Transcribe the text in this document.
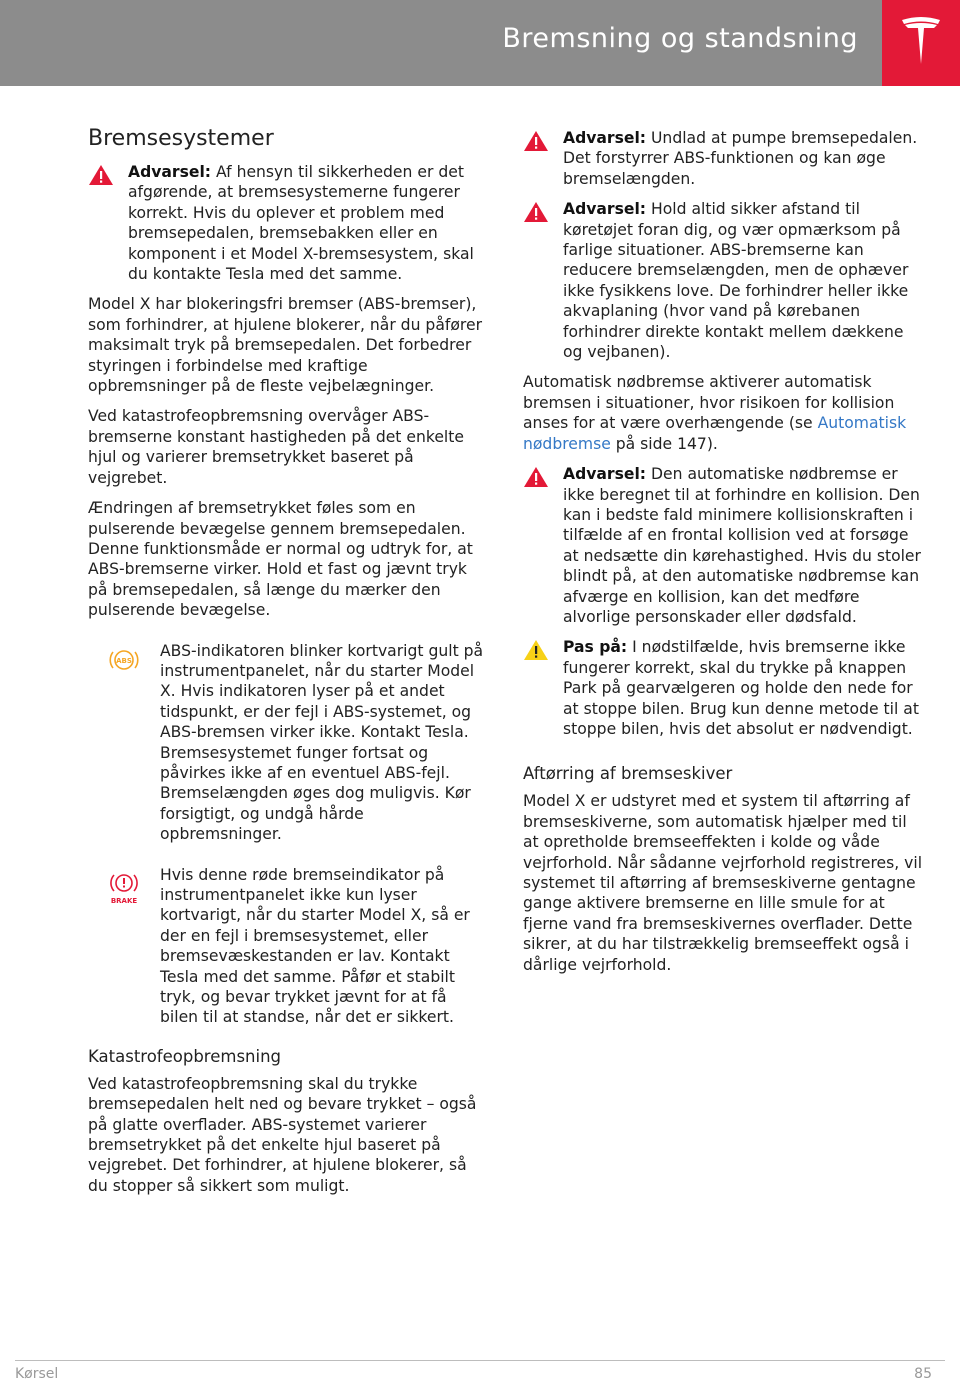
Bremsning og standsning
Bremsesystemer
Advarsel: Af hensyn til sikkerheden er det afgørende, at bremsesystemerne fungerer korrekt. Hvis du oplever et problem med bremsepedalen, bremsebakken eller en komponent i et Model X-bremsesystem, skal du kontakte Tesla med det samme.

Model X har blokeringsfri bremser (ABS-bremser), som forhindrer, at hjulene blokerer, når du påfører maksimalt tryk på bremsepedalen. Det forbedrer styringen i forbindelse med kraftige opbremsninger på de fleste vejbelægninger.

Ved katastrofeopbremsning overvåger ABS-bremserne konstant hastigheden på det enkelte hjul og varierer bremsetrykket baseret på vejgrebet.

Ændringen af bremsetrykket føles som en pulserende bevægelse gennem bremsepedalen. Denne funktionsmåde er normal og udtryk for, at ABS-bremserne virker. Hold et fast og jævnt tryk på bremsepedalen, så længe du mærker den pulserende bevægelse.

ABS
ABS-indikatoren blinker kortvarigt gult på instrumentpanelet, når du starter Model X. Hvis indikatoren lyser på et andet tidspunkt, er der fejl i ABS-systemet, og ABS-bremsen virker ikke. Kontakt Tesla. Bremsesystemet funger fortsat og påvirkes ikke af en eventuel ABS-fejl. Bremselængden øges dog muligvis. Kør forsigtigt, og undgå hårde opbremsninger.
BRAKE
Hvis denne røde bremseindikator på instrumentpanelet ikke kun lyser kortvarigt, når du starter Model X, så er der en fejl i bremsesystemet, eller bremsevæskestanden er lav. Kontakt Tesla med det samme. Påfør et stabilt tryk, og bevar trykket jævnt for at få bilen til at standse, når det er sikkert.
Katastrofeopbremsning

Ved katastrofeopbremsning skal du trykke bremsepedalen helt ned og bevare trykket – også på glatte overflader. ABS-systemet varierer bremsetrykket på det enkelte hjul baseret på vejgrebet. Det forhindrer, at hjulene blokerer, så du stopper så sikkert som muligt.

Advarsel: Undlad at pumpe bremsepedalen. Det forstyrrer ABS-funktionen og kan øge bremselængden.
Advarsel: Hold altid sikker afstand til køretøjet foran dig, og vær opmærksom på farlige situationer. ABS-bremserne kan reducere bremselængden, men de ophæver ikke fysikkens love. De forhindrer heller ikke akvaplaning (hvor vand på kørebanen forhindrer direkte kontakt mellem dækkene og vejbanen).

Automatisk nødbremse aktiverer automatisk bremsen i situationer, hvor risikoen for kollision anses for at være overhængende (se Automatisk nødbremse på side 147).

Advarsel: Den automatiske nødbremse er ikke beregnet til at forhindre en kollision. Den kan i bedste fald minimere kollisionskraften i tilfælde af en frontal kollision ved at forsøge at nedsætte din kørehastighed. Hvis du stoler blindt på, at den automatiske nødbremse kan afværge en kollision, kan det medføre alvorlige personskader eller dødsfald.
Pas på: I nødstilfælde, hvis bremserne ikke fungerer korrekt, skal du trykke på knappen Park på gearvælgeren og holde den nede for at stoppe bilen. Brug kun denne metode til at stoppe bilen, hvis det absolut er nødvendigt.
Aftørring af bremseskiver

Model X er udstyret med et system til aftørring af bremseskiverne, som automatisk hjælper med til at opretholde bremseeffekten i kolde og våde vejrforhold. Når sådanne vejrforhold registreres, vil systemet til aftørring af bremseskiverne gentagne gange aktivere bremserne en lille smule for at fjerne vand fra bremseskivernes overflader. Dette sikrer, at du har tilstrækkelig bremseeffekt også i dårlige vejrforhold.

Kørsel	85
